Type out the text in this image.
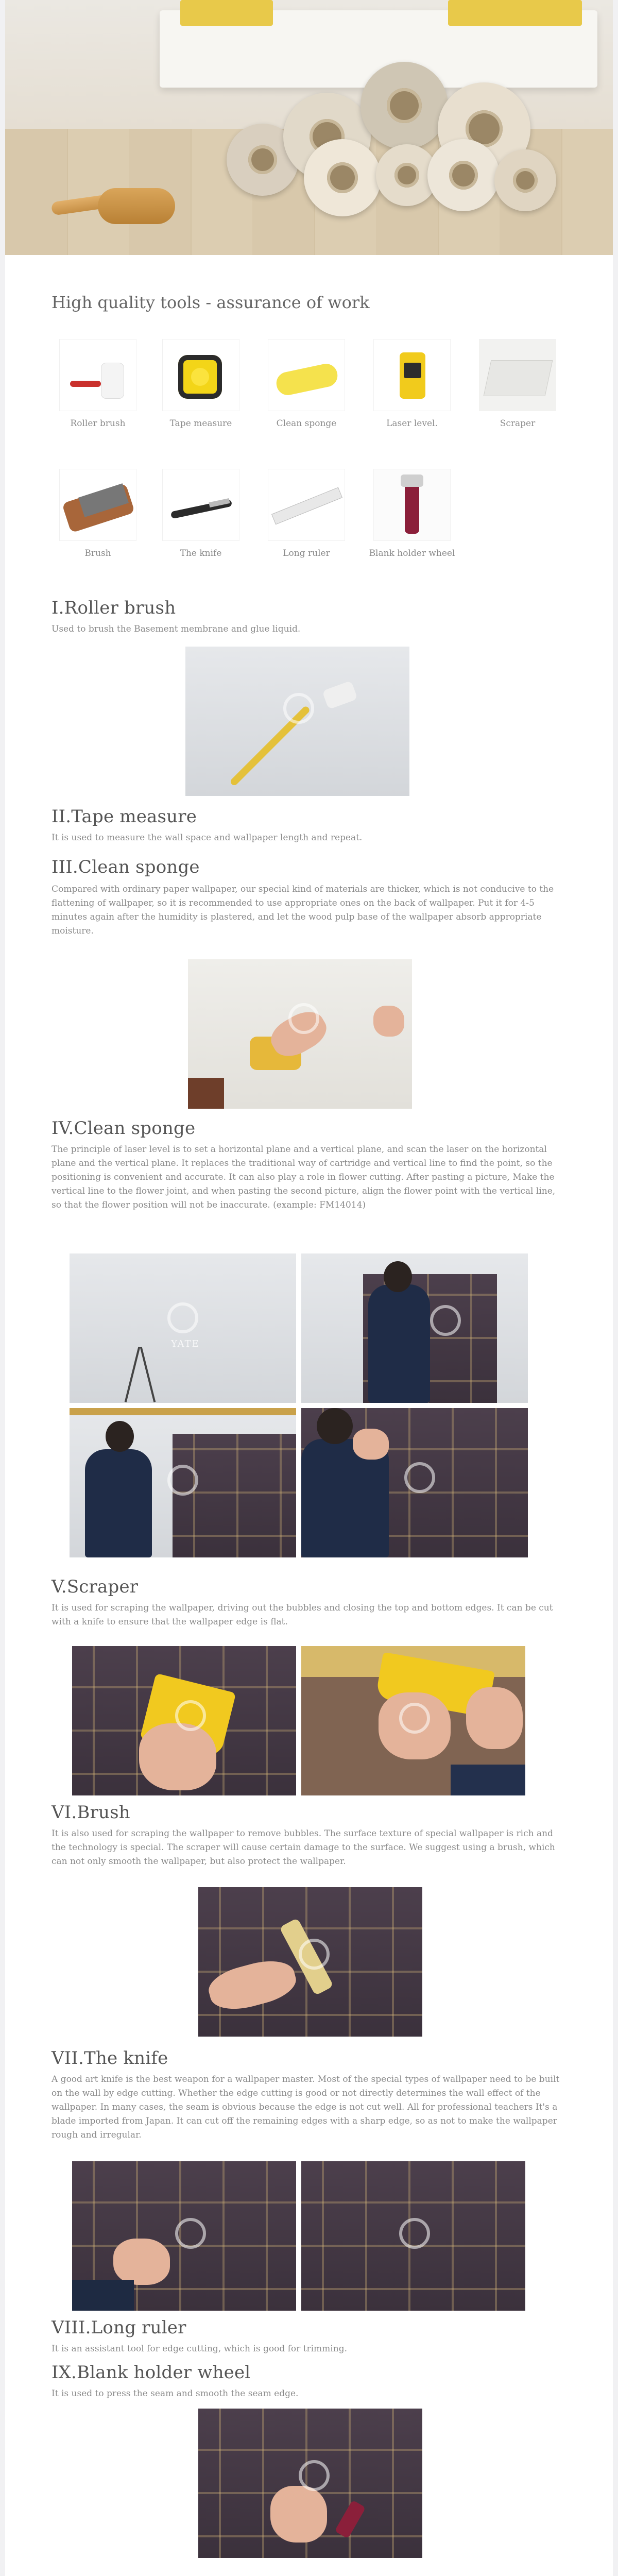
High quality tools - assurance of work
Roller brush	Tape measure	Clean sponge	Laser level.	Scraper
Brush	The knife	Long ruler	Blank holder wheel
I.Roller brush
Used to brush the Basement membrane and glue liquid.
II.Tape measure
It is used to measure the wall space and wallpaper length and repeat.
III.Clean sponge
Compared with ordinary paper wallpaper, our special kind of materials are thicker, which is not conducive to the flattening of wallpaper, so it is recommended to use appropriate ones on the back of wallpaper. Put it for 4-5 minutes again after the humidity is plastered, and let the wood pulp base of the wallpaper absorb appropriate moisture.
IV.Clean sponge
The principle of laser level is to set a horizontal plane and a vertical plane, and scan the laser on the horizontal plane and the vertical plane. It replaces the traditional way of cartridge and vertical line to find the point, so the positioning is convenient and accurate. It can also play a role in flower cutting. After pasting a picture, Make the vertical line to the flower joint, and when pasting the second picture, align the flower point with the vertical line, so that the flower position will not be inaccurate. (example: FM14014)
YATE
V.Scraper
It is used for scraping the wallpaper, driving out the bubbles and closing the top and bottom edges. It can be cut with a knife to ensure that the wallpaper edge is flat.
VI.Brush
It is also used for scraping the wallpaper to remove bubbles. The surface texture of special wallpaper is rich and the technology is special. The scraper will cause certain damage to the surface. We suggest using a brush, which can not only smooth the wallpaper, but also protect the wallpaper.
VII.The knife
A good art knife is the best weapon for a wallpaper master. Most of the special types of wallpaper need to be built on the wall by edge cutting. Whether the edge cutting is good or not directly determines the wall effect of the wallpaper. In many cases, the seam is obvious because the edge is not cut well. All for professional teachers It's a blade imported from Japan. It can cut off the remaining edges with a sharp edge, so as not to make the wallpaper rough and irregular.
VIII.Long ruler
It is an assistant tool for edge cutting, which is good for trimming.
IX.Blank holder wheel
It is used to press the seam and smooth the seam edge.
